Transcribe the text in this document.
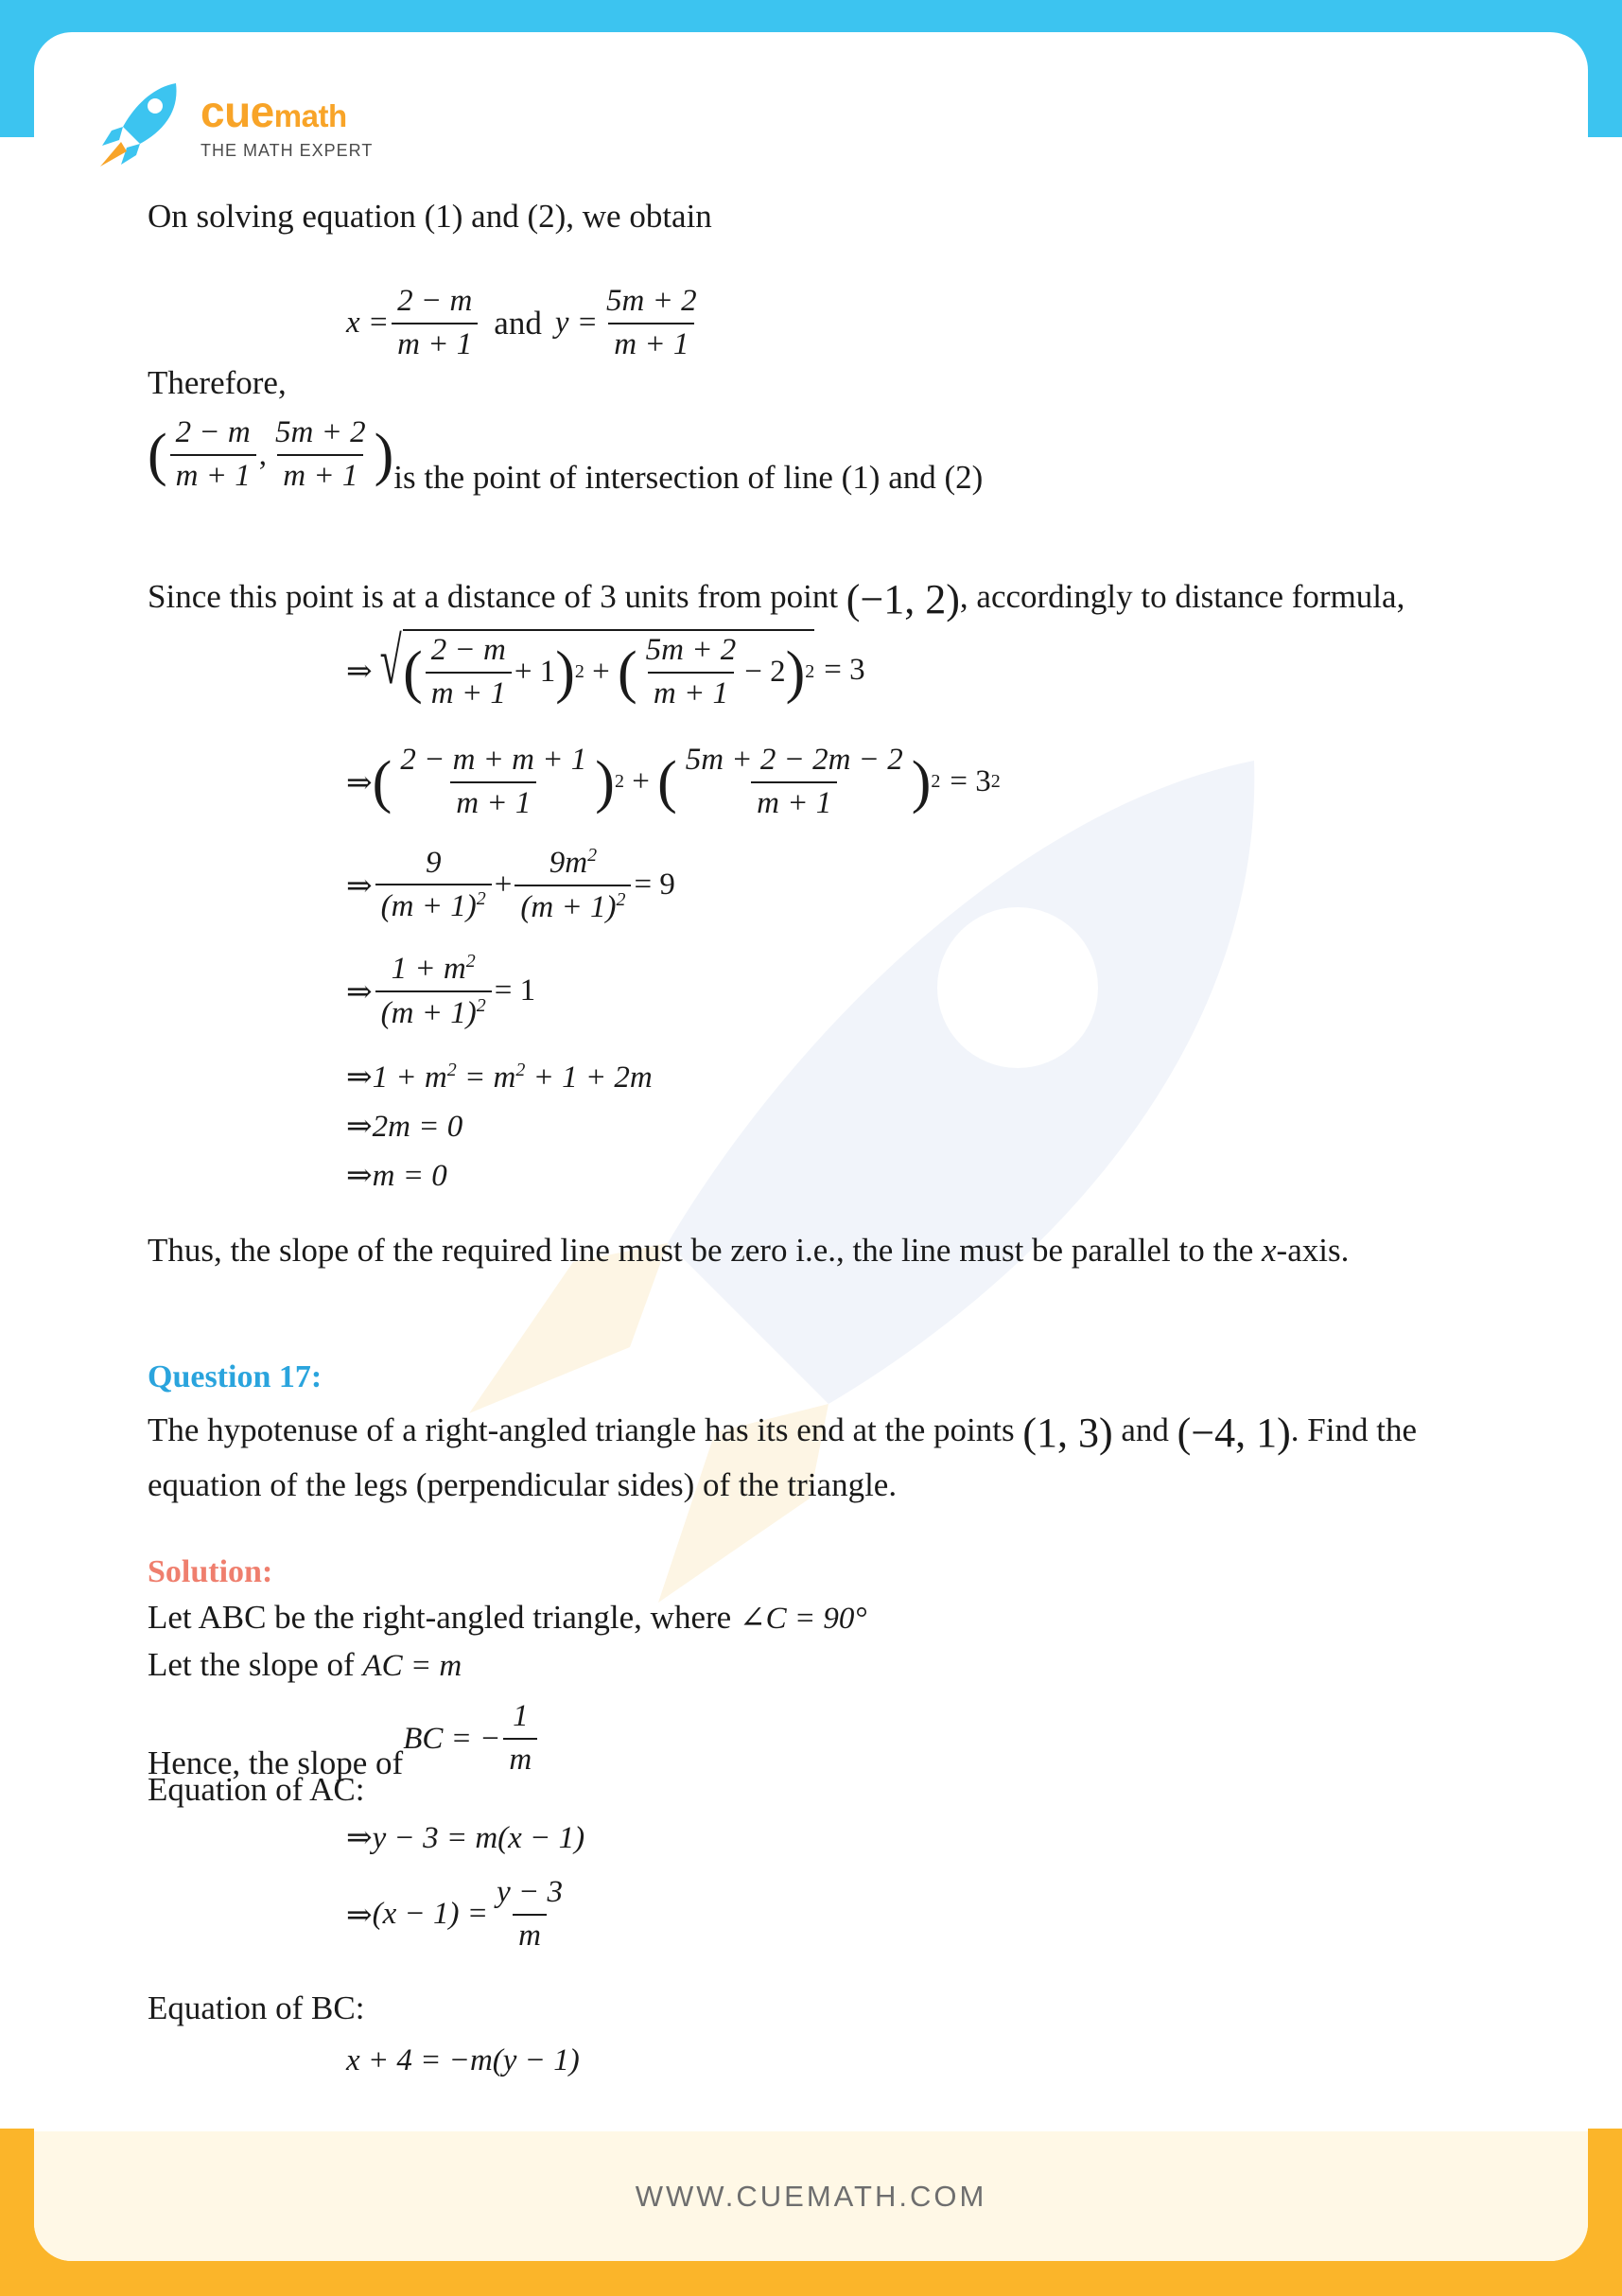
cuemath
THE MATH EXPERT
WWW.CUEMATH.COM
On solving equation (1) and (2), we obtain
$x = \frac{2 - m}{m + 1}$ and $y = \frac{5m + 2}{m + 1}$
Therefore,
( $\frac{2 - m}{m + 1}$ , $\frac{5m + 2}{m + 1}$ ) is the point of intersection of line (1) and (2)
Since this point is at a distance of 3 units from point (−1, 2), accordingly to distance formula,
⇒ √ ( $\frac{2 - m}{m + 1} + 1$ ) 2 + ( $\frac{5m + 2}{m + 1} - 2$ ) 2 = 3
⇒ ( $\frac{2 - m + m + 1}{m + 1}$ ) 2 + ( $\frac{5m + 2 - 2m - 2}{m + 1}$ ) 2 = 3 2
⇒ $\frac{9}{(m + 1)^2} + \frac{9m^2}{(m + 1)^2} = 9$
⇒ $\frac{1 + m^2}{(m + 1)^2} = 1$
⇒1 + $m^2 = m^2 + 1 + 2m$
⇒2m = 0
⇒m = 0
Thus, the slope of the required line must be zero i.e., the line must be parallel to the x-axis.
Question 17:
The hypotenuse of a right-angled triangle has its end at the points (1, 3) and (−4, 1). Find the
equation of the legs (perpendicular sides) of the triangle.
Solution:
Let ABC be the right-angled triangle, where ∠C = 90°
Let the slope of AC = m
Hence, the slope of
BC = − $\frac{1}{m}$
Equation of AC:
⇒y − 3 = m(x − 1)
⇒ $(x - 1) = \frac{y - 3}{m}$
Equation of BC:
x + 4 = −m(y − 1)
